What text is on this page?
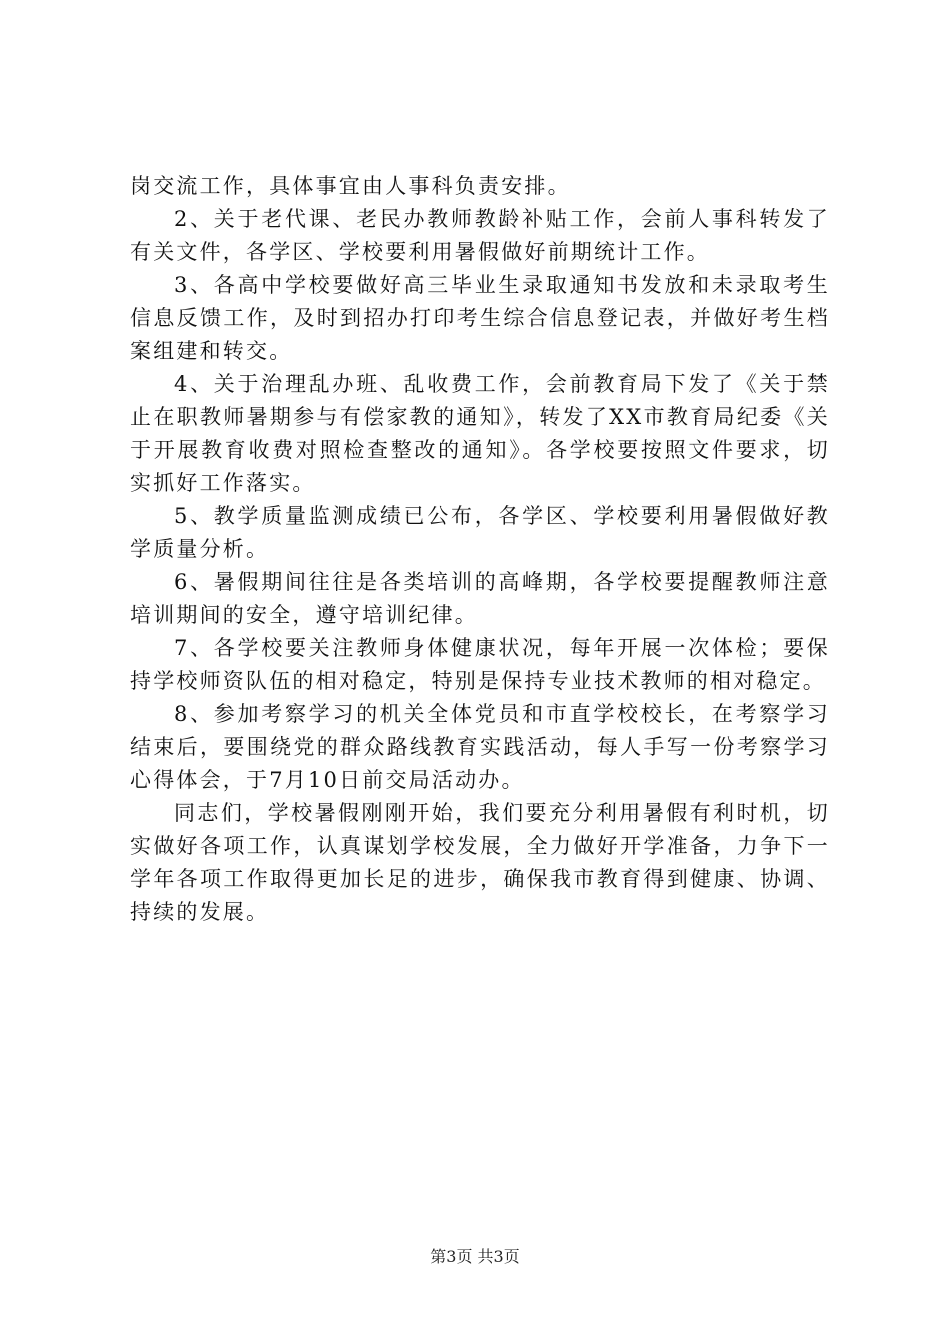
岗交流工作，具体事宜由人事科负责安排。

2、关于老代课、老民办教师教龄补贴工作，会前人事科转发了有关文件，各学区、学校要利用暑假做好前期统计工作。

3、各高中学校要做好高三毕业生录取通知书发放和未录取考生信息反馈工作，及时到招办打印考生综合信息登记表，并做好考生档案组建和转交。

4、关于治理乱办班、乱收费工作，会前教育局下发了《关于禁止在职教师暑期参与有偿家教的通知》，转发了XX市教育局纪委《关于开展教育收费对照检查整改的通知》。各学校要按照文件要求，切实抓好工作落实。

5、教学质量监测成绩已公布，各学区、学校要利用暑假做好教学质量分析。

6、暑假期间往往是各类培训的高峰期，各学校要提醒教师注意培训期间的安全，遵守培训纪律。

7、各学校要关注教师身体健康状况，每年开展一次体检；要保持学校师资队伍的相对稳定，特别是保持专业技术教师的相对稳定。

8、参加考察学习的机关全体党员和市直学校校长，在考察学习结束后，要围绕党的群众路线教育实践活动，每人手写一份考察学习心得体会，于7月10日前交局活动办。

同志们，学校暑假刚刚开始，我们要充分利用暑假有利时机，切实做好各项工作，认真谋划学校发展，全力做好开学准备，力争下一学年各项工作取得更加长足的进步，确保我市教育得到健康、协调、持续的发展。

第3页 共3页
